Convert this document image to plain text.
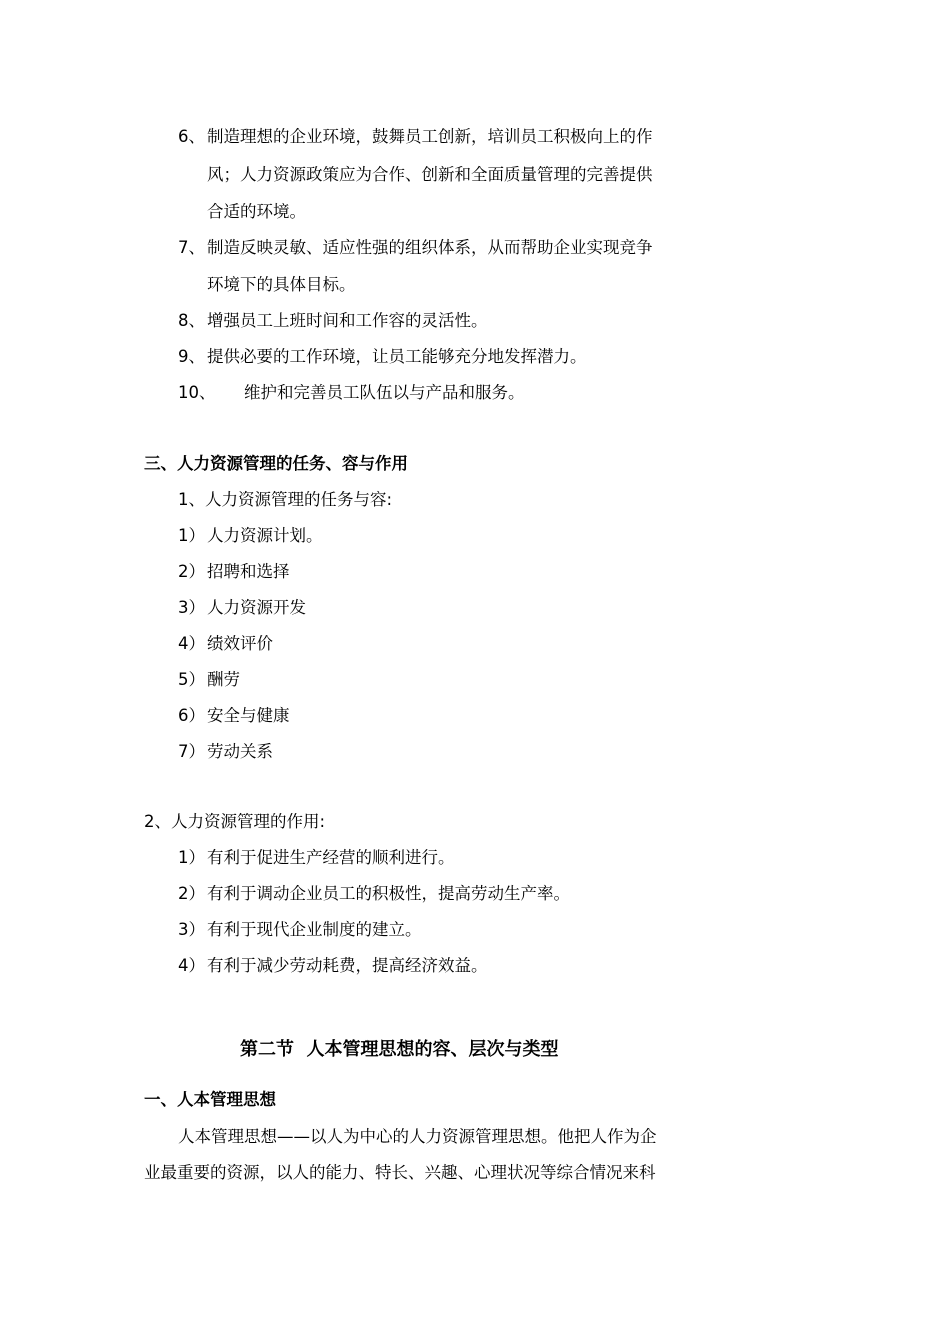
6、 制造理想的企业环境，鼓舞员工创新，培训员工积极向上的作
风；人力资源政策应为合作、创新和全面质量管理的完善提供
合适的环境。
7、 制造反映灵敏、适应性强的组织体系，从而帮助企业实现竞争
环境下的具体目标。
8、 增强员工上班时间和工作容的灵活性。
9、 提供必要的工作环境，让员工能够充分地发挥潜力。
10、 维护和完善员工队伍以与产品和服务。
三、人力资源管理的任务、容与作用
1、人力资源管理的任务与容:
1） 人力资源计划。
2） 招聘和选择
3） 人力资源开发
4） 绩效评价
5） 酬劳
6） 安全与健康
7） 劳动关系
2、人力资源管理的作用:
1） 有利于促进生产经营的顺利进行。
2） 有利于调动企业员工的积极性，提高劳动生产率。
3） 有利于现代企业制度的建立。
4） 有利于减少劳动耗费，提高经济效益。
第二节  人本管理思想的容、层次与类型
一、人本管理思想
人本管理思想——以人为中心的人力资源管理思想。他把人作为企
业最重要的资源，以人的能力、特长、兴趣、心理状况等综合情况来科
